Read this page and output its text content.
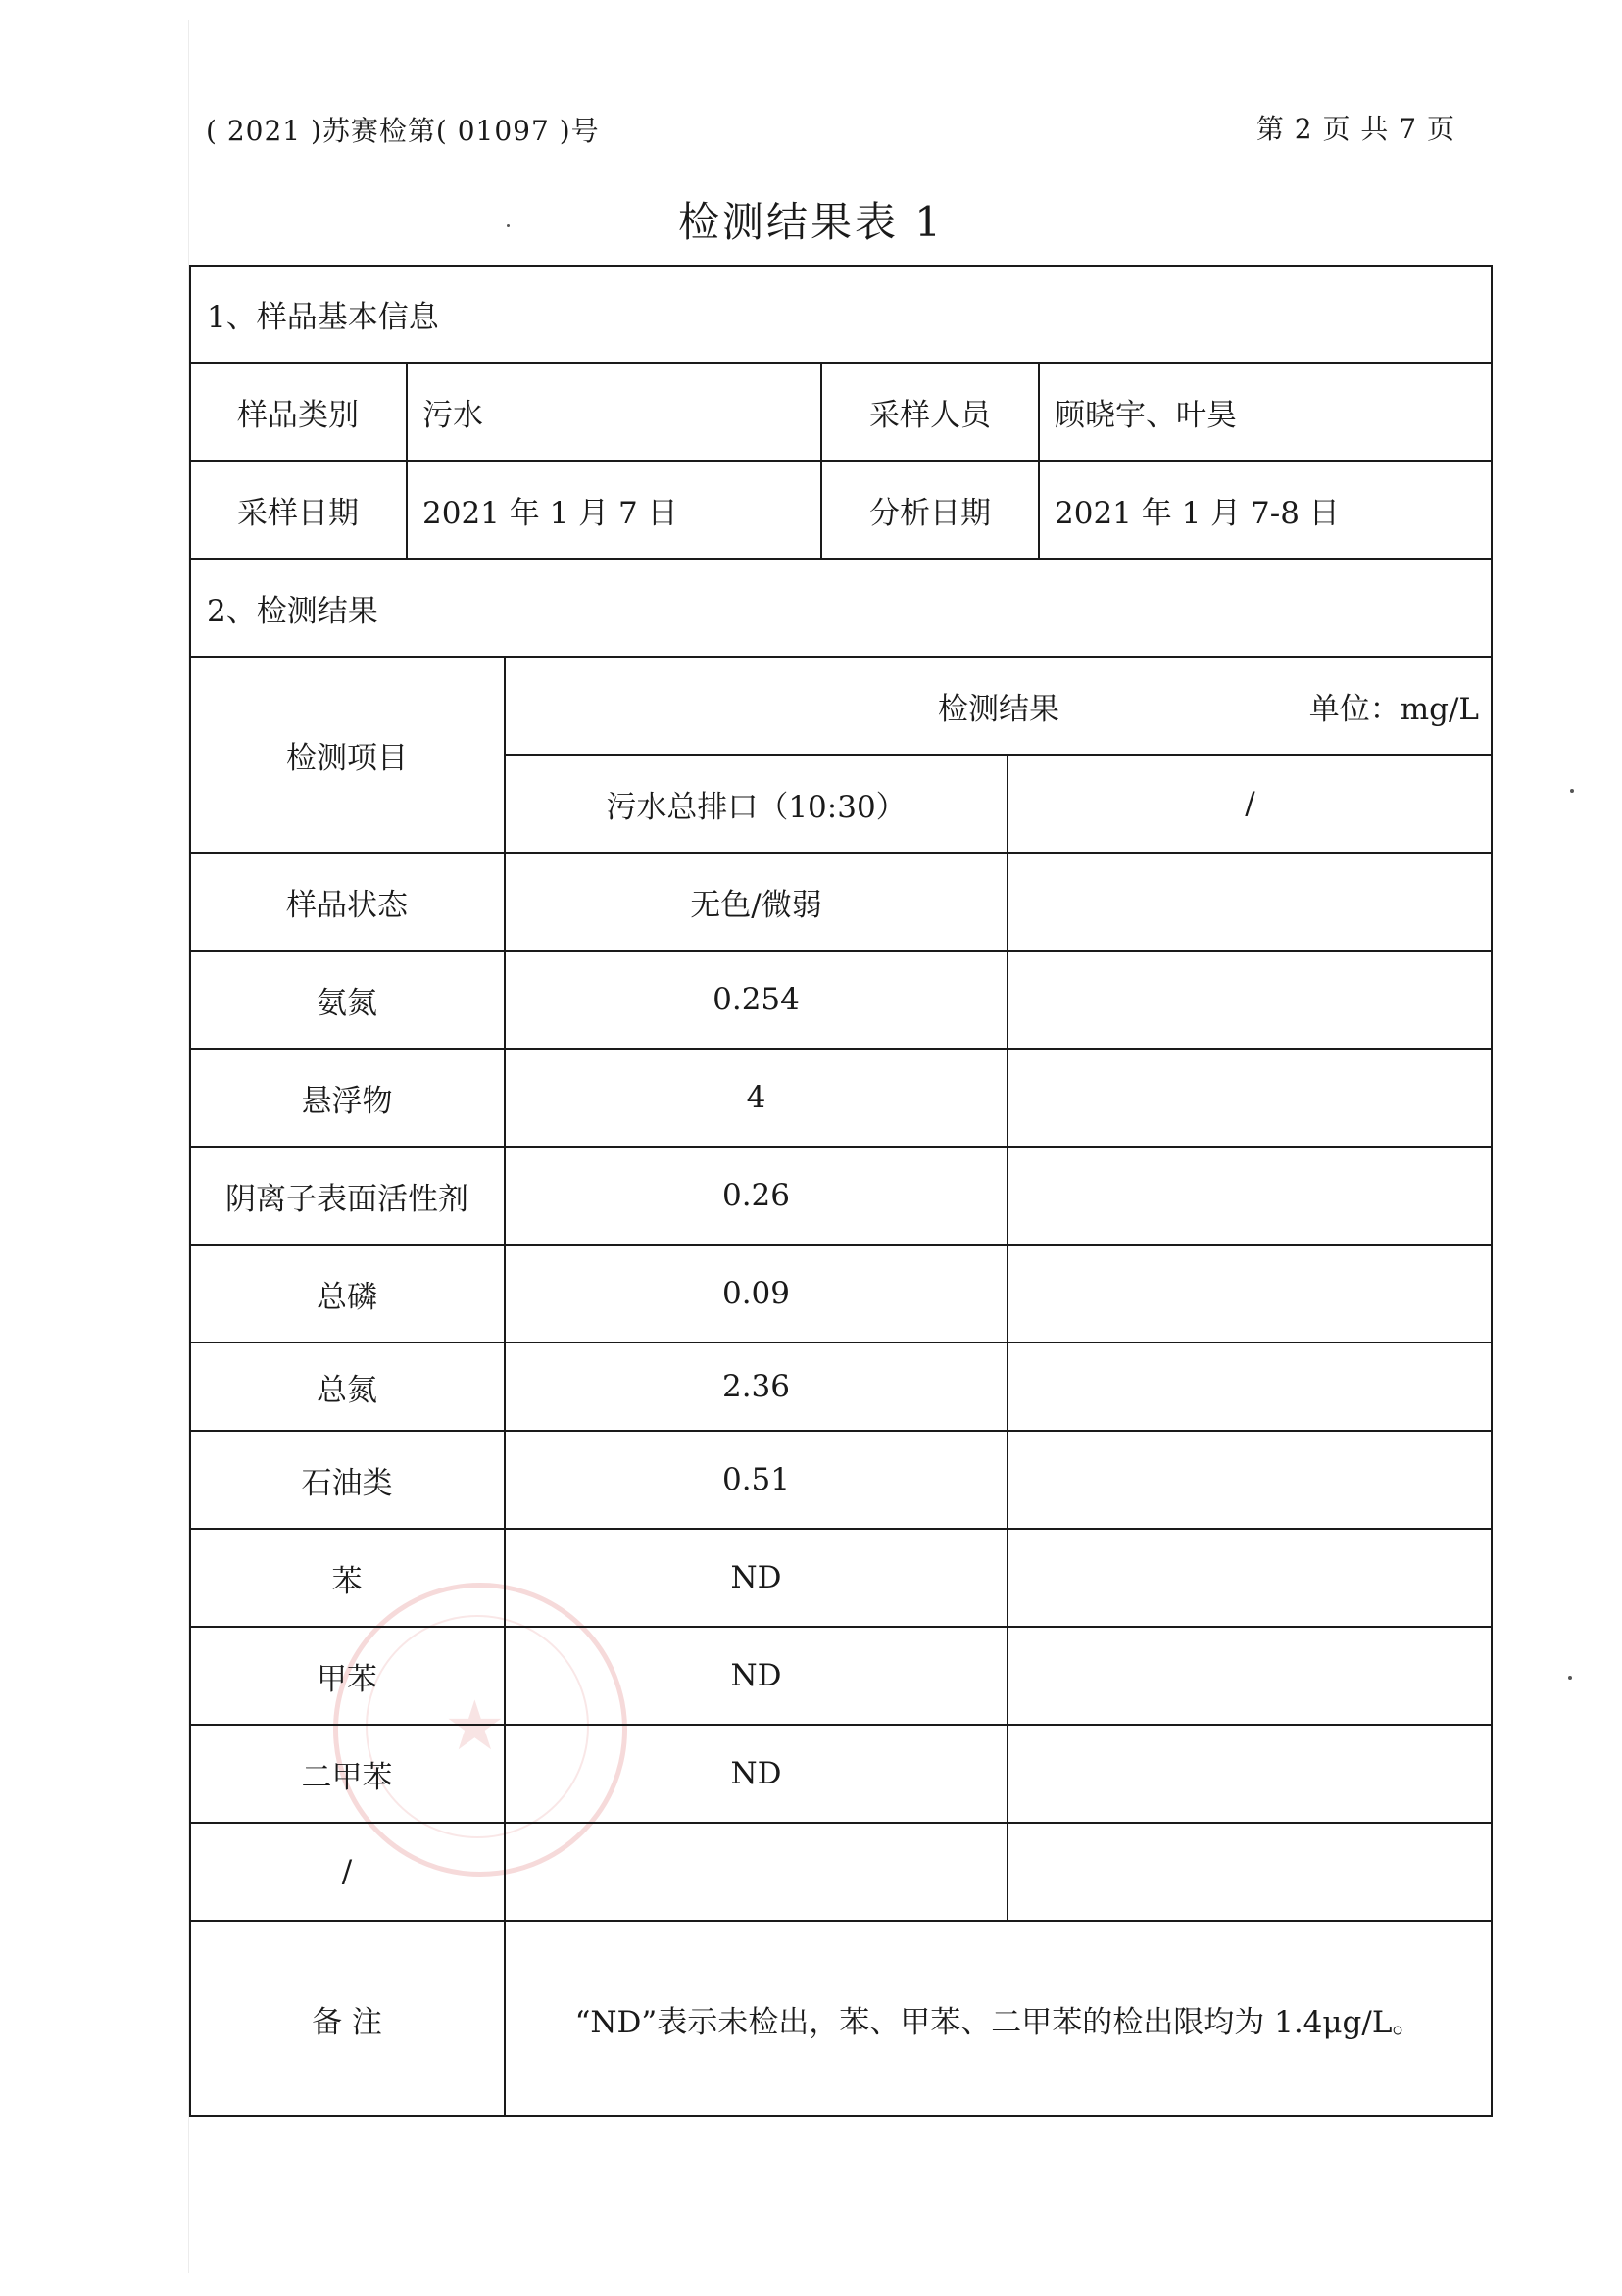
( 2021 )苏赛检第( 01097 )号	第 2 页 共 7 页
检测结果表 1
★
1、样品基本信息
样品类别	污水	采样人员	顾晓宇、叶昊
采样日期	2021 年 1 月 7 日	分析日期	2021 年 1 月 7-8 日
2、检测结果
检测项目
检测结果	单位：mg/L
污水总排口（10:30）	/
样品状态	无色/微弱
氨氮	0.254
悬浮物	4
阴离子表面活性剂	0.26
总磷	0.09
总氮	2.36
石油类	0.51
苯	ND
甲苯	ND
二甲苯	ND
/
备 注	“ND”表示未检出，苯、甲苯、二甲苯的检出限均为 1.4μg/L。
